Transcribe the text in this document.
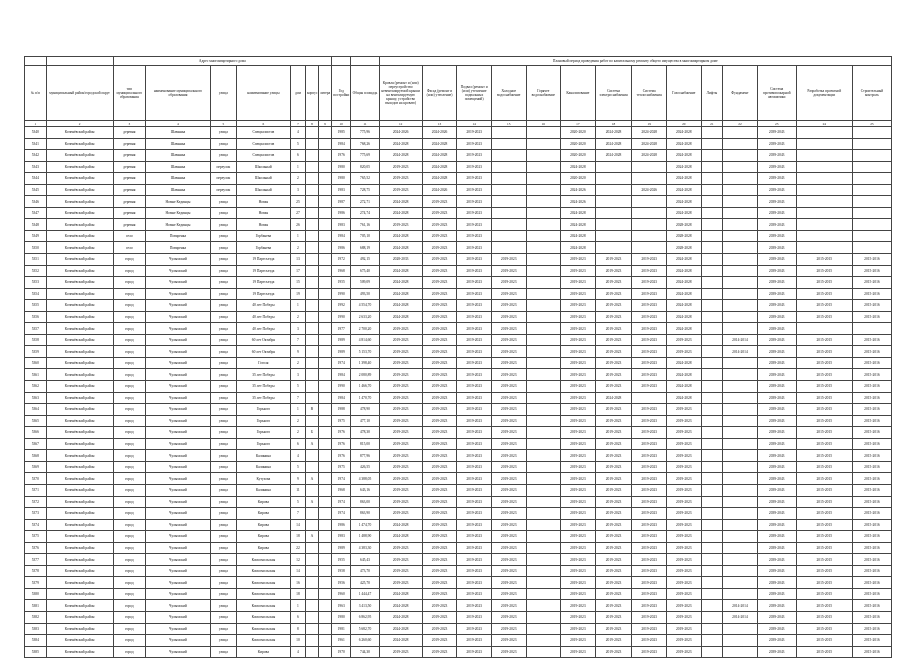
		Адрес многоквартирного дома									Плановый период проведения работ по капитальному ремонту общего имущества в многоквартирном доме													
№ п/п	муниципальный район/городской округ	тип муниципального образования	наименование муниципального образования	улица	наименование улицы	дом	корпус	литера	Год постройки	Общая площадь	Кровля (ремонт и (или) переустройство невентилируемой крыши на вентилируемую крышу, устройство выходов на кровлю)	Фасад (ремонт и (или) утепление)	Подвал (ремонт и (или) утепление подвальных помещений)	Холодное водоснабжение	Горячее водоснабжение	Канализование	Система электроснабжения	Система теплоснабжения	Газоснабжение	Лифты	Фундамент	Система противопожарной автоматики	Разработка проектной документации	Строительный контроль
1	2	3	4	5	6	7	8	9	10	11	12	13	14	15	16	17	18	19	20	21	22	23	24	25
5340	Коченёвский район	деревня	Шавынка	улица	Специалистов	4			1985	775,96	2024-2026	2024-2026	2019-2023			2020-2020	2024-2028	2024-2028	2024-2028			2039-2043		
5341	Коченёвский район	деревня	Шавынка	улица	Специалистов	5			1984	768,26	2024-2028	2024-2028	2019-2023			2020-2020	2024-2028	2024-2028	2024-2028			2039-2043		
5342	Коченёвский район	деревня	Шавынка	улица	Специалистов	6			1976	775,69	2024-2028	2024-2028	2019-2023			2020-2020	2024-2028	2024-2028	2024-2028			2039-2043		
5343	Коченёвский район	деревня	Шавынка	переулок	Школьный	1			1980	820,05	2019-2023	2024-2028	2019-2023			2024-2028			2024-2028			2039-2043		
5344	Коченёвский район	деревня	Шавынка	переулок	Школьный	2			1980	765,52	2019-2023	2024-2028	2019-2023			2020-2020			2024-2028			2039-2043		
5345	Коченёвский район	деревня	Шавынка	переулок	Школьный	3			1983	728,75	2019-2023	2024-2026	2019-2023			2024-2026		2024-2026	2024-2028			2039-2043		
5346	Коченёвский район	деревня	Новые Кединцы	улица	Новая	25			1987	272,71	2024-2028	2019-2023	2019-2023			2024-2026			2024-2028			2039-2043		
5347	Коченёвский район	деревня	Новые Кединцы	улица	Новая	27			1986	274,74	2024-2028	2019-2023	2019-2023			2024-2028			2024-2028			2039-2043		
5348	Коченёвский район	деревня	Новые Кединцы	улица	Новая	26			1983	761,16	2019-2023	2019-2023	2019-2023			2024-2028			2028-2028			2039-2043		
5349	Коченёвский район	село	Поваренка	улица	Горбанева	1			1984	705,10	2024-2028	2019-2023	2019-2023			2024-2028			2028-2028			2039-2043		
5350	Коченёвский район	село	Поваренка	улица	Горбанева	2			1986	688,19	2024-2028	2019-2023	2019-2023			2024-2028			2028-2028			2039-2043		
5351	Коченёвский район	город	Чулымский	улица	19 Партсъезда	13			1972	492,15	2028-2033	2019-2023	2019-2023	2019-2023		2019-2023	2019-2023	2019-2023	2024-2028			2039-2043	2015-2015	2015-2016
5352	Коченёвский район	город	Чулымский	улица	19 Партсъезда	17			1968	675,40	2024-2028	2019-2023	2019-2023	2019-2023		2019-2023	2019-2023	2019-2023	2024-2028			2039-2043	2015-2015	2015-2016
5353	Коченёвский район	город	Чулымский	улица	19 Партсъезда	15			1955	509,09	2024-2028	2019-2023	2019-2023	2019-2023		2019-2023	2019-2023	2019-2023	2024-2028			2039-2043	2015-2015	2015-2016
5354	Коченёвский район	город	Чулымский	улица	19 Партсъезда	19			1990	493,50	2024-2028	2019-2023	2019-2023	2019-2023		2019-2023	2019-2023	2019-2023	2024-2028			2039-2043	2015-2015	2015-2016
5355	Коченёвский район	город	Чулымский	улица	40 лет Победы	1			1992	4 554,70	2024-2028	2019-2023	2019-2023	2019-2023		2019-2023	2019-2023	2019-2023	2024-2028			2039-2043	2015-2015	2015-2016
5356	Коченёвский район	город	Чулымский	улица	40 лет Победы	2			1990	2 633,20	2024-2028	2019-2023	2019-2023	2019-2023		2019-2023	2019-2023	2019-2023	2024-2028			2039-2043	2015-2015	2015-2016
5357	Коченёвский район	город	Чулымский	улица	40 лет Победы	3			1977	2 700,20	2019-2023	2019-2023	2019-2023	2019-2023		2019-2023	2019-2023	2019-2023	2024-2028			2039-2043		
5358	Коченёвский район	город	Чулымский	улица	60 лет Октября	7			1989	4 814,60	2019-2023	2019-2023	2019-2023	2019-2023		2019-2023	2019-2023	2019-2023	2019-2023		2014-2014	2039-2043	2015-2015	2015-2016
5359	Коченёвский район	город	Чулымский	улица	60 лет Октября	9			1989	5 153,70	2019-2023	2019-2023	2019-2023	2019-2023		2019-2023	2019-2023	2019-2023	2019-2023		2014-2014	2039-2043	2015-2015	2015-2016
5360	Коченёвский район	город	Чулымский	улица	Гоголя	2			1974	1 398,40	2019-2023	2019-2023	2019-2023	2019-2023		2019-2023	2019-2023	2019-2023	2024-2028			2039-2043	2015-2015	2015-2016
5361	Коченёвский район	город	Чулымский	улица	35 лет Победы	3			1984	2 080,89	2019-2023	2019-2023	2019-2023	2019-2023		2019-2023	2019-2023	2019-2023	2024-2028			2039-2043	2015-2015	2015-2016
5362	Коченёвский район	город	Чулымский	улица	35 лет Победы	5			1990	1 466,70	2019-2023	2019-2023	2019-2023	2019-2023		2019-2023	2019-2023	2019-2023	2024-2028			2039-2043	2015-2015	2015-2016
5363	Коченёвский район	город	Чулымский	улица	35 лет Победы	7			1984	1 470,70	2019-2023	2019-2023	2019-2023	2019-2023		2019-2023	2024-2028		2024-2028			2039-2043	2015-2015	2015-2016
5364	Коченёвский район	город	Чулымский	улица	Горького	1	В		1988	478,90	2019-2023	2019-2023	2019-2023	2019-2023		2019-2023	2019-2023	2019-2023	2019-2023			2039-2043	2015-2015	2015-2016
5365	Коченёвский район	город	Чулымский	улица	Горького	2			1975	477,10	2019-2023	2019-2023	2019-2023	2019-2023		2019-2023	2019-2023	2019-2023	2019-2023			2039-2043	2015-2015	2015-2016
5366	Коченёвский район	город	Чулымский	улица	Горького	2	Б		1976	478,30	2019-2023	2019-2023	2019-2023	2019-2023		2019-2023	2019-2023	2019-2023	2019-2023			2039-2043	2015-2015	2015-2016
5367	Коченёвский район	город	Чулымский	улица	Горького	6	А		1976	815,00	2019-2023	2019-2023	2019-2023	2019-2023		2019-2023	2019-2023	2019-2023	2019-2023			2039-2043	2015-2015	2015-2016
5368	Коченёвский район	город	Чулымский	улица	Калинина	4			1976	877,96	2019-2023	2019-2023	2019-2023	2019-2023		2019-2023	2019-2023	2019-2023	2019-2023			2039-2043	2015-2015	2015-2016
5369	Коченёвский район	город	Чулымский	улица	Калинина	5			1975	426,55	2019-2023	2019-2023	2019-2023	2019-2023		2019-2023	2019-2023	2019-2023	2019-2023			2039-2043	2015-2015	2015-2016
5370	Коченёвский район	город	Чулымский	улица	Кутузова	9	А		1974	4 388,05	2019-2023	2019-2023	2019-2023	2019-2023		2019-2023	2019-2023	2019-2023	2019-2023			2039-2043	2015-2015	2015-2016
5371	Коченёвский район	город	Чулымский	улица	Калинина	11			1968	643,16	2019-2023	2019-2023	2019-2023	2019-2023		2019-2023	2019-2023	2019-2023	2019-2023			2039-2043	2015-2015	2015-2016
5372	Коченёвский район	город	Чулымский	улица	Кирова	5	А		1974	863,00	2019-2023	2019-2023	2019-2023	2019-2023		2019-2023	2019-2023	2019-2023	2019-2023			2039-2043	2015-2015	2015-2016
5373	Коченёвский район	город	Чулымский	улица	Кирова	7			1974	863,90	2019-2023	2019-2023	2019-2023	2019-2023		2019-2023	2019-2023	2019-2023	2019-2023			2039-2043	2015-2015	2015-2016
5374	Коченёвский район	город	Чулымский	улица	Кирова	14			1986	1 474,70	2024-2028	2019-2023	2019-2023	2019-2023		2019-2023	2019-2023	2019-2023	2019-2023			2039-2043	2015-2015	2015-2016
5375	Коченёвский район	город	Чулымский	улица	Кирова	18	А		1983	1 488,90	2024-2028	2019-2023	2019-2023	2019-2023		2019-2023	2019-2023	2019-2023	2019-2023			2039-2043	2015-2015	2015-2016
5376	Коченёвский район	город	Чулымский	улица	Кирова	22			1989	4 383,30	2019-2023	2019-2023	2019-2023	2019-2023		2019-2023	2019-2023	2019-2023	2019-2023			2039-2043	2015-2015	2015-2016
5377	Коченёвский район	город	Чулымский	улица	Комсомольская	12			1955	645,43	2019-2023	2019-2023	2019-2023	2019-2023		2019-2023	2019-2023	2019-2023	2019-2023			2039-2043	2015-2015	2015-2016
5378	Коченёвский район	город	Чулымский	улица	Комсомольская	14			1958	473,70	2019-2023	2019-2023	2019-2023	2019-2023		2019-2023	2019-2023	2019-2023	2019-2023			2039-2043	2015-2015	2015-2016
5379	Коченёвский район	город	Чулымский	улица	Комсомольская	16			1956	425,70	2019-2023	2019-2023	2019-2023	2019-2023		2019-2023	2019-2023	2019-2023	2019-2023			2039-2043	2015-2015	2015-2016
5380	Коченёвский район	город	Чулымский	улица	Комсомольская	18			1960	1 444,47	2024-2028	2019-2023	2019-2023	2019-2023		2019-2023	2019-2023	2019-2023	2019-2023			2039-2043	2015-2015	2015-2016
5381	Коченёвский район	город	Чулымский	улица	Комсомольская	1			1963	3 413,50	2024-2028	2019-2023	2019-2023	2019-2023		2019-2023	2019-2023	2019-2023	2019-2023		2014-2014	2039-2043	2015-2015	2015-2016
5382	Коченёвский район	город	Чулымский	улица	Комсомольская	6			1980	6 862,95	2024-2028	2019-2023	2019-2023	2019-2023		2019-2023	2019-2023	2019-2023	2019-2023		2014-2014	2039-2043	2015-2015	2015-2016
5383	Коченёвский район	город	Чулымский	улица	Комсомольская	8			1981	5 682,70	2024-2028	2019-2023	2019-2023	2019-2023		2019-2023	2019-2023	2019-2023	2019-2023			2039-2043	2015-2015	2015-2016
5384	Коченёвский район	город	Чулымский	улица	Комсомольская	10			1961	6 260,60	2024-2028	2019-2023	2019-2023	2019-2023		2019-2023	2019-2023	2019-2023	2019-2023			2039-2043	2015-2015	2015-2016
5385	Коченёвский район	город	Чулымский	улица	Кирова	4			1970	744,30	2019-2023	2019-2023	2019-2023	2019-2023		2019-2023	2019-2023	2019-2023	2019-2023			2039-2043	2015-2015	2015-2016
